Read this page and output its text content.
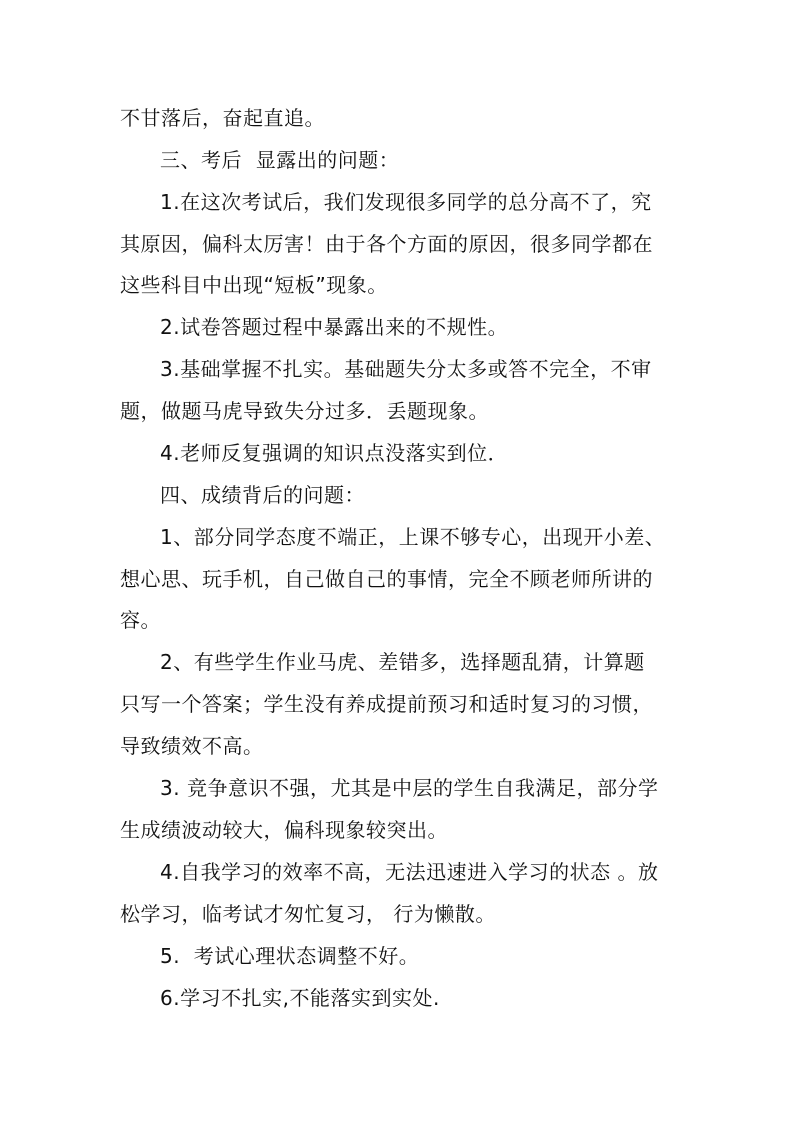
不甘落后，奋起直追。
三、考后  显露出的问题：
1.在这次考试后，我们发现很多同学的总分高不了，究
其原因，偏科太厉害！由于各个方面的原因，很多同学都在
这些科目中出现“短板”现象。
2.试卷答题过程中暴露出来的不规性。
3.基础掌握不扎实。基础题失分太多或答不完全，不审
题，做题马虎导致失分过多．丢题现象。
4.老师反复强调的知识点没落实到位．
四、成绩背后的问题：
1、部分同学态度不端正，上课不够专心，出现开小差、
想心思、玩手机，自己做自己的事情，完全不顾老师所讲的
容。
2、有些学生作业马虎、差错多，选择题乱猜，计算题
只写一个答案；学生没有养成提前预习和适时复习的习惯，
导致绩效不高。
3. 竞争意识不强，尤其是中层的学生自我满足，部分学
生成绩波动较大，偏科现象较突出。
4.自我学习的效率不高，无法迅速进入学习的状态 。放
松学习，临考试才匆忙复习， 行为懒散。
5.  考试心理状态调整不好。
6.学习不扎实,不能落实到实处.
